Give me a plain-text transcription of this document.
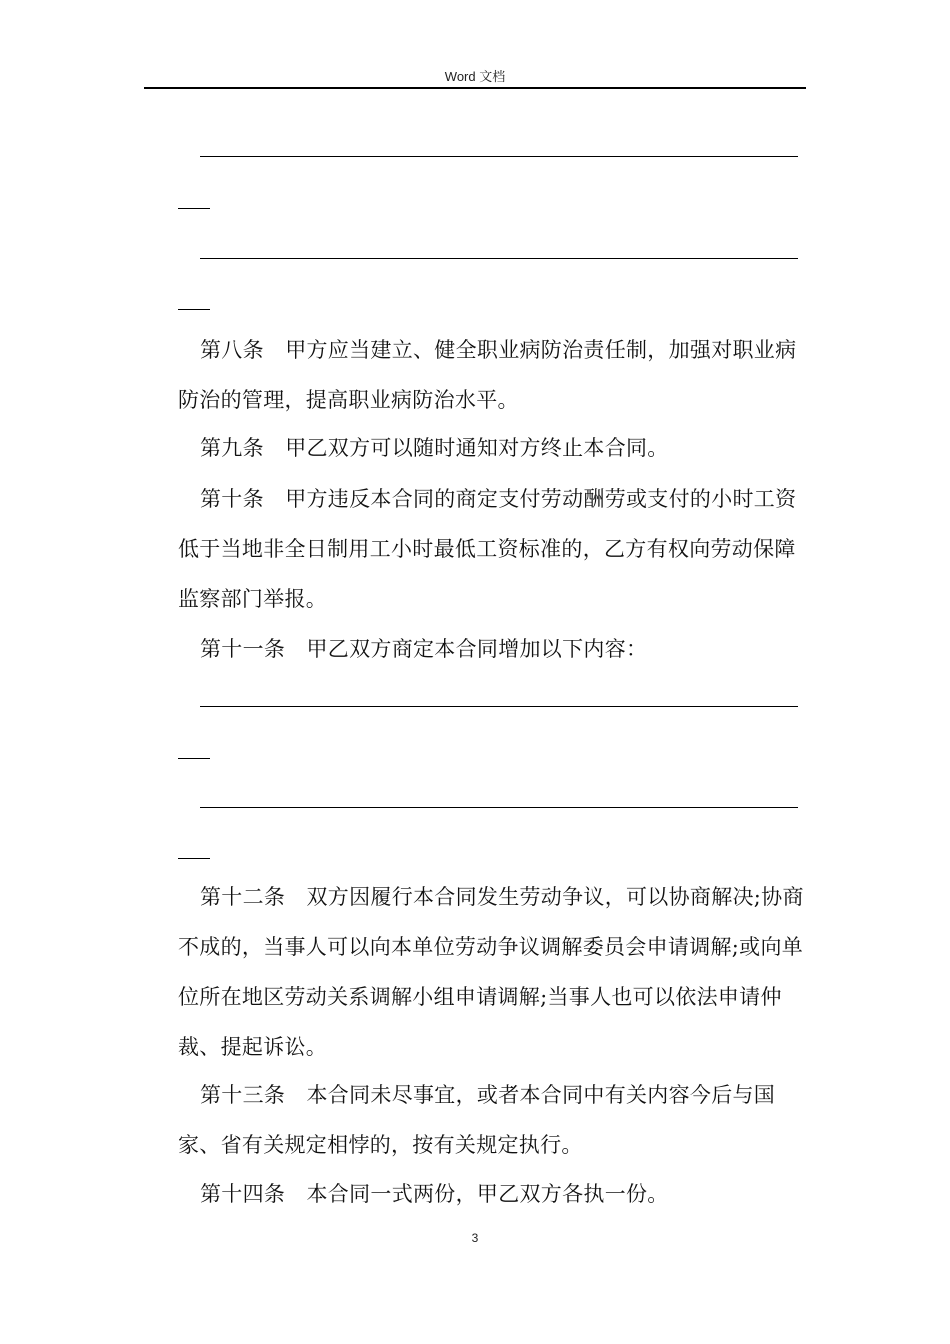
Word 文档

第八条　甲方应当建立、健全职业病防治责任制，加强对职业病防治的管理，提高职业病防治水平。

第九条　甲乙双方可以随时通知对方终止本合同。

第十条　甲方违反本合同的商定支付劳动酬劳或支付的小时工资低于当地非全日制用工小时最低工资标准的，乙方有权向劳动保障监察部门举报。

第十一条　甲乙双方商定本合同增加以下内容：

第十二条　双方因履行本合同发生劳动争议，可以协商解决;协商不成的，当事人可以向本单位劳动争议调解委员会申请调解;或向单位所在地区劳动关系调解小组申请调解;当事人也可以依法申请仲裁、提起诉讼。

第十三条　本合同未尽事宜，或者本合同中有关内容今后与国家、省有关规定相悖的，按有关规定执行。

第十四条　本合同一式两份，甲乙双方各执一份。

3
